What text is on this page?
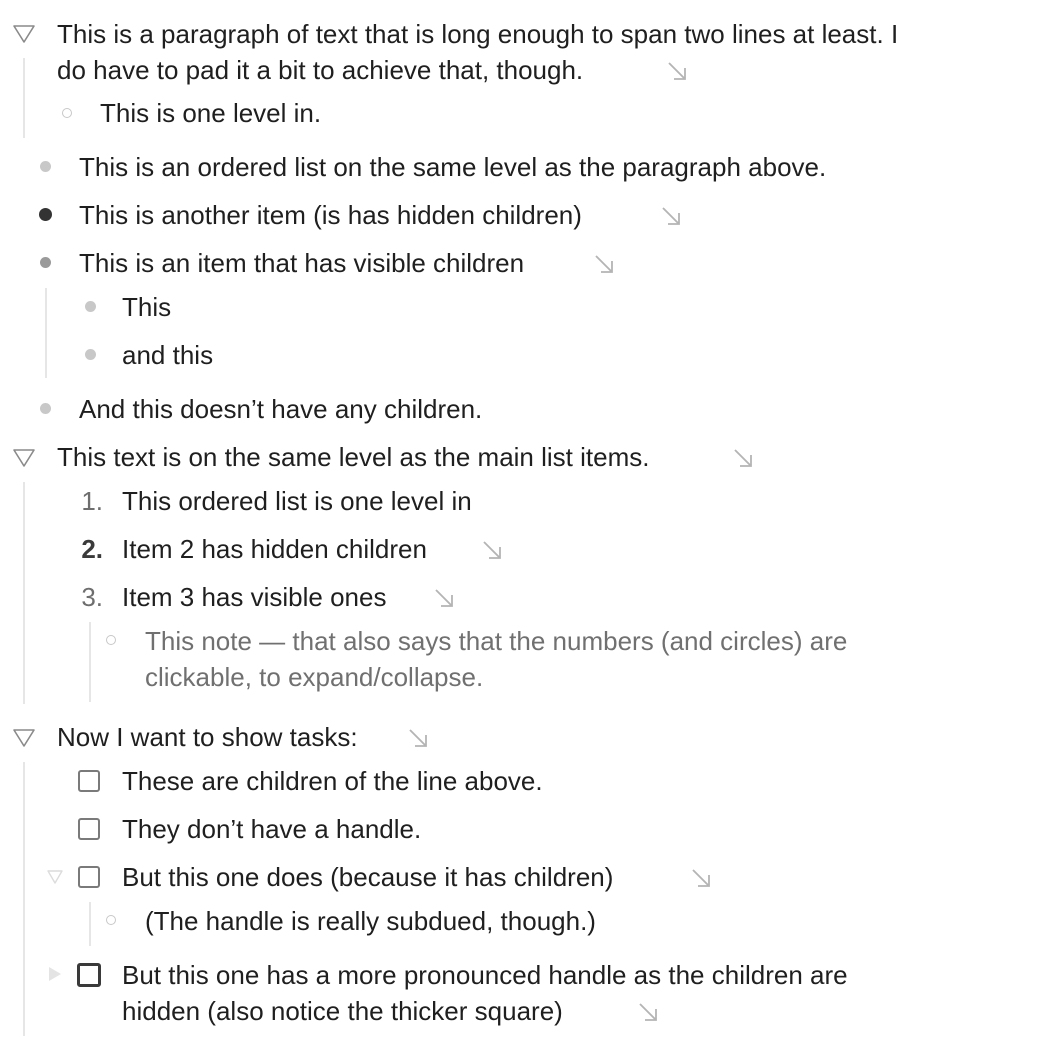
This is a paragraph of text that is long enough to span two lines at least. I
do have to pad it a bit to achieve that, though.
This is one level in.
This is an ordered list on the same level as the paragraph above.
This is another item (is has hidden children)
This is an item that has visible children
This
and this
And this doesn’t have any children.
This text is on the same level as the main list items.
1. This ordered list is one level in
2. Item 2 has hidden children
3. Item 3 has visible ones
This note — that also says that the numbers (and circles) are
clickable, to expand/collapse.
Now I want to show tasks:
These are children of the line above.
They don’t have a handle.
But this one does (because it has children)
(The handle is really subdued, though.)
But this one has a more pronounced handle as the children are
hidden (also notice the thicker square)
